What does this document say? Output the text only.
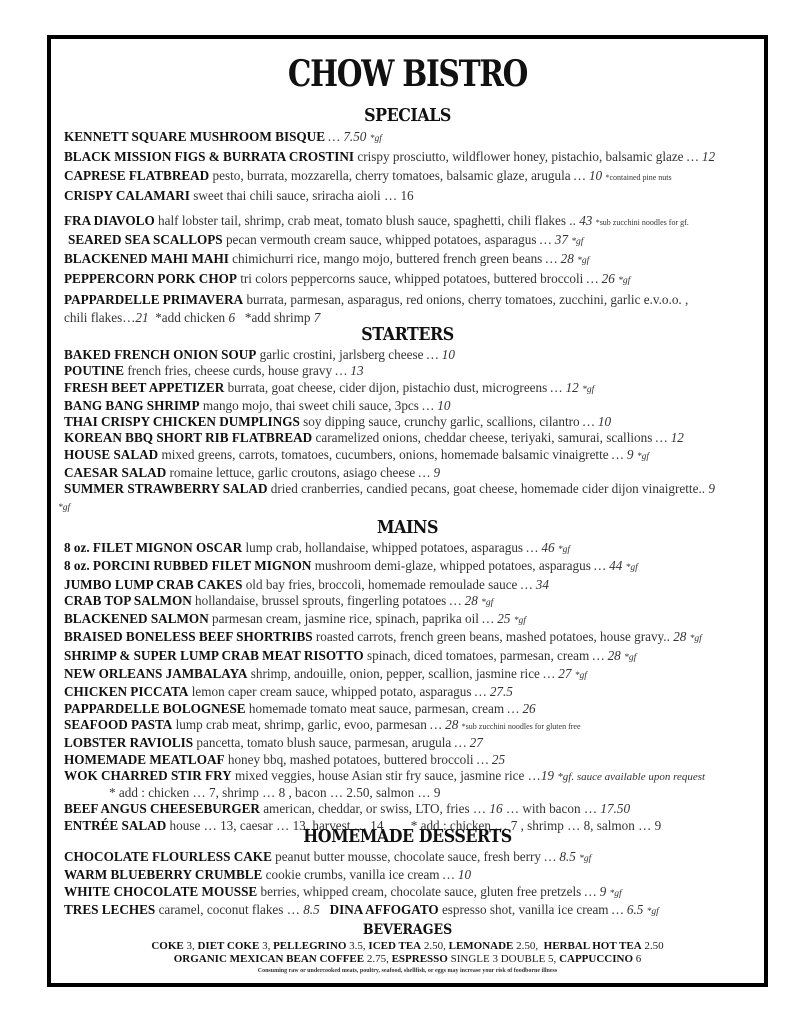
CHOW BISTRO
SPECIALS
KENNETT SQUARE MUSHROOM BISQUE … 7.50 *gf
BLACK MISSION FIGS & BURRATA CROSTINI crispy prosciutto, wildflower honey, pistachio, balsamic glaze … 12
CAPRESE FLATBREAD pesto, burrata, mozzarella, cherry tomatoes, balsamic glaze, arugula … 10 *contained pine nuts
CRISPY CALAMARI sweet thai chili sauce, sriracha aioli … 16
FRA DIAVOLO half lobster tail, shrimp, crab meat, tomato blush sauce, spaghetti, chili flakes .. 43 *sub zucchini noodles for gf.
SEARED SEA SCALLOPS pecan vermouth cream sauce, whipped potatoes, asparagus … 37 *gf
BLACKENED MAHI MAHI chimichurri rice, mango mojo, buttered french green beans … 28 *gf
PEPPERCORN PORK CHOP tri colors peppercorns sauce, whipped potatoes, buttered broccoli … 26 *gf
PAPPARDELLE PRIMAVERA burrata, parmesan, asparagus, red onions, cherry tomatoes, zucchini, garlic e.v.o.o. ,
chili flakes…21 *add chicken 6 *add shrimp 7
STARTERS
BAKED FRENCH ONION SOUP garlic crostini, jarlsberg cheese … 10
POUTINE french fries, cheese curds, house gravy … 13
FRESH BEET APPETIZER burrata, goat cheese, cider dijon, pistachio dust, microgreens … 12 *gf
BANG BANG SHRIMP mango mojo, thai sweet chili sauce, 3pcs … 10
THAI CRISPY CHICKEN DUMPLINGS soy dipping sauce, crunchy garlic, scallions, cilantro … 10
KOREAN BBQ SHORT RIB FLATBREAD caramelized onions, cheddar cheese, teriyaki, samurai, scallions … 12
HOUSE SALAD mixed greens, carrots, tomatoes, cucumbers, onions, homemade balsamic vinaigrette … 9 *gf
CAESAR SALAD romaine lettuce, garlic croutons, asiago cheese … 9
SUMMER STRAWBERRY SALAD dried cranberries, candied pecans, goat cheese, homemade cider dijon vinaigrette.. 9
*gf
MAINS
8 oz. FILET MIGNON OSCAR lump crab, hollandaise, whipped potatoes, asparagus … 46 *gf
8 oz. PORCINI RUBBED FILET MIGNON mushroom demi-glaze, whipped potatoes, asparagus … 44 *gf
JUMBO LUMP CRAB CAKES old bay fries, broccoli, homemade remoulade sauce … 34
CRAB TOP SALMON hollandaise, brussel sprouts, fingerling potatoes … 28 *gf
BLACKENED SALMON parmesan cream, jasmine rice, spinach, paprika oil … 25 *gf
BRAISED BONELESS BEEF SHORTRIBS roasted carrots, french green beans, mashed potatoes, house gravy.. 28 *gf
SHRIMP & SUPER LUMP CRAB MEAT RISOTTO spinach, diced tomatoes, parmesan, cream … 28 *gf
NEW ORLEANS JAMBALAYA shrimp, andouille, onion, pepper, scallion, jasmine rice … 27 *gf
CHICKEN PICCATA lemon caper cream sauce, whipped potato, asparagus … 27.5
PAPPARDELLE BOLOGNESE homemade tomato meat sauce, parmesan, cream … 26
SEAFOOD PASTA lump crab meat, shrimp, garlic, evoo, parmesan … 28 *sub zucchini noodles for gluten free
LOBSTER RAVIOLIS pancetta, tomato blush sauce, parmesan, arugula … 27
HOMEMADE MEATLOAF honey bbq, mashed potatoes, buttered broccoli … 25
WOK CHARRED STIR FRY mixed veggies, house Asian stir fry sauce, jasmine rice …19 *gf. sauce available upon request
* add : chicken … 7, shrimp … 8 , bacon … 2.50, salmon … 9
BEEF ANGUS CHEESEBURGER american, cheddar, or swiss, LTO, fries … 16 … with bacon … 17.50
ENTRÉE SALAD house … 13, caesar … 13, harvest … 14 * add : chicken … 7 , shrimp … 8, salmon … 9
HOMEMADE DESSERTS
CHOCOLATE FLOURLESS CAKE peanut butter mousse, chocolate sauce, fresh berry … 8.5 *gf
WARM BLUEBERRY CRUMBLE cookie crumbs, vanilla ice cream … 10
WHITE CHOCOLATE MOUSSE berries, whipped cream, chocolate sauce, gluten free pretzels … 9 *gf
TRES LECHES caramel, coconut flakes … 8.5 DINA AFFOGATO espresso shot, vanilla ice cream … 6.5 *gf
BEVERAGES
COKE 3, DIET COKE 3, PELLEGRINO 3.5, ICED TEA 2.50, LEMONADE 2.50, HERBAL HOT TEA 2.50
ORGANIC MEXICAN BEAN COFFEE 2.75, ESPRESSO SINGLE 3 DOUBLE 5, CAPPUCCINO 6
Consuming raw or undercooked meats, poultry, seafood, shellfish, or eggs may increase your risk of foodborne illness
